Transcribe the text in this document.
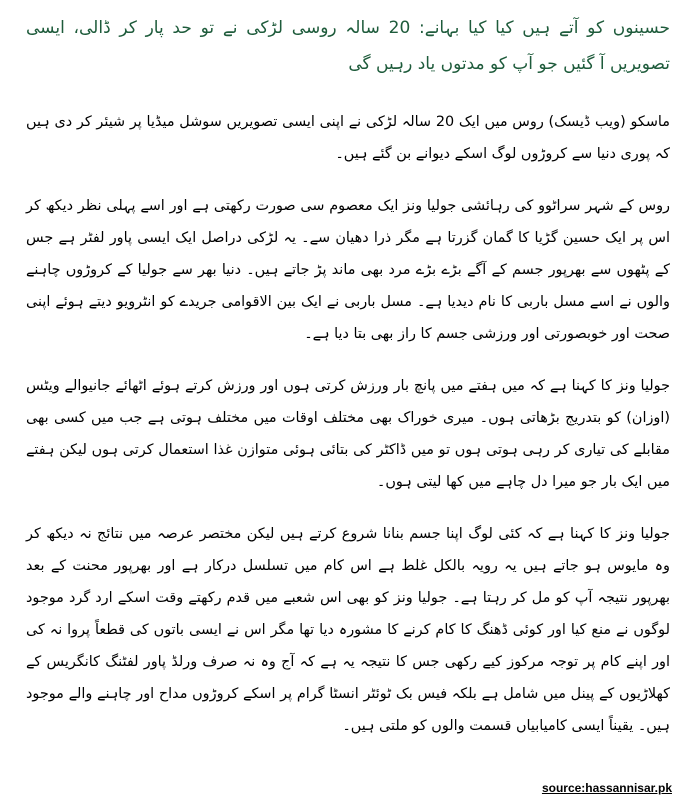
حسینوں کو آتے ہیں کیا کیا بہانے: 20 سالہ روسی لڑکی نے تو حد پار کر ڈالی، ایسی تصویریں آ گئیں جو آپ کو مدتوں یاد رہیں گی

ماسکو (ویب ڈیسک) روس میں ایک 20 سالہ لڑکی نے اپنی ایسی تصویریں سوشل میڈیا پر شیئر کر دی ہیں کہ پوری دنیا سے کروڑوں لوگ اسکے دیوانے بن گئے ہیں۔

روس کے شہر سراٹوو کی رہائشی جولیا ونز ایک معصوم سی صورت رکھتی ہے اور اسے پہلی نظر دیکھ کر اس پر ایک حسین گڑیا کا گمان گزرتا ہے مگر ذرا دھیان سے۔ یہ لڑکی دراصل ایک ایسی پاور لفٹر ہے جس کے پٹھوں سے بھرپور جسم کے آگے بڑے بڑے مرد بھی ماند پڑ جاتے ہیں۔ دنیا بھر سے جولیا کے کروڑوں چاہنے والوں نے اسے مسل باربی کا نام دیدیا ہے۔ مسل باربی نے ایک بین الاقوامی جریدے کو انٹرویو دیتے ہوئے اپنی صحت اور خوبصورتی اور ورزشی جسم کا راز بھی بتا دیا ہے۔

جولیا ونز کا کہنا ہے کہ میں ہفتے میں پانچ بار ورزش کرتی ہوں اور ورزش کرتے ہوئے اٹھائے جانیوالے ویٹس (اوزان) کو بتدریج بڑھاتی ہوں۔ میری خوراک بھی مختلف اوقات میں مختلف ہوتی ہے جب میں کسی بھی مقابلے کی تیاری کر رہی ہوتی ہوں تو میں ڈاکٹر کی بتائی ہوئی متوازن غذا استعمال کرتی ہوں لیکن ہفتے میں ایک بار جو میرا دل چاہے میں کھا لیتی ہوں۔

جولیا ونز کا کہنا ہے کہ کئی لوگ اپنا جسم بنانا شروع کرتے ہیں لیکن مختصر عرصہ میں نتائج نہ دیکھ کر وہ مایوس ہو جاتے ہیں یہ رویہ بالکل غلط ہے اس کام میں تسلسل درکار ہے اور بھرپور محنت کے بعد بھرپور نتیجہ آپ کو مل کر رہتا ہے۔ جولیا ونز کو بھی اس شعبے میں قدم رکھتے وقت اسکے ارد گرد موجود لوگوں نے منع کیا اور کوئی ڈھنگ کا کام کرنے کا مشورہ دیا تھا مگر اس نے ایسی باتوں کی قطعاً پروا نہ کی اور اپنے کام پر توجہ مرکوز کیے رکھی جس کا نتیجہ یہ ہے کہ آج وہ نہ صرف ورلڈ پاور لفٹنگ کانگریس کے کھلاڑیوں کے پینل میں شامل ہے بلکہ فیس بک ٹوئٹر انسٹا گرام پر اسکے کروڑوں مداح اور چاہنے والے موجود ہیں۔ یقیناً ایسی کامیابیاں قسمت والوں کو ملتی ہیں۔

source:hassannisar.pk
